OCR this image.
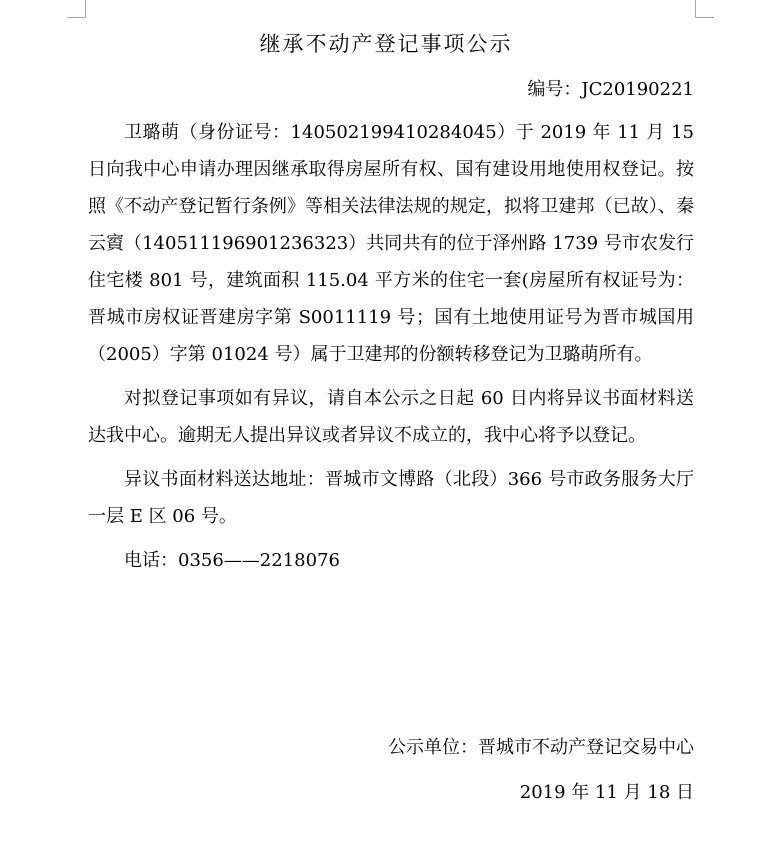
继承不动产登记事项公示
编号：JC20190221

卫璐萌（身份证号：140502199410284045）于 2019 年 11 月 15 日向我中心申请办理因继承取得房屋所有权、国有建设用地使用权登记。按照《不动产登记暂行条例》等相关法律法规的规定，拟将卫建邦（已故）、秦云賨（140511196901236323）共同共有的位于泽州路 1739 号市农发行住宅楼 801 号，建筑面积 115.04 平方米的住宅一套(房屋所有权证号为：晋城市房权证晋建房字第 S0011119 号；国有土地使用证号为晋市城国用（2005）字第 01024 号）属于卫建邦的份额转移登记为卫璐萌所有。

对拟登记事项如有异议，请自本公示之日起 60 日内将异议书面材料送达我中心。逾期无人提出异议或者异议不成立的，我中心将予以登记。

异议书面材料送达地址：晋城市文博路（北段）366 号市政务服务大厅一层 E 区 06 号。

电话：0356——2218076

公示单位：晋城市不动产登记交易中心
2019 年 11 月 18 日
